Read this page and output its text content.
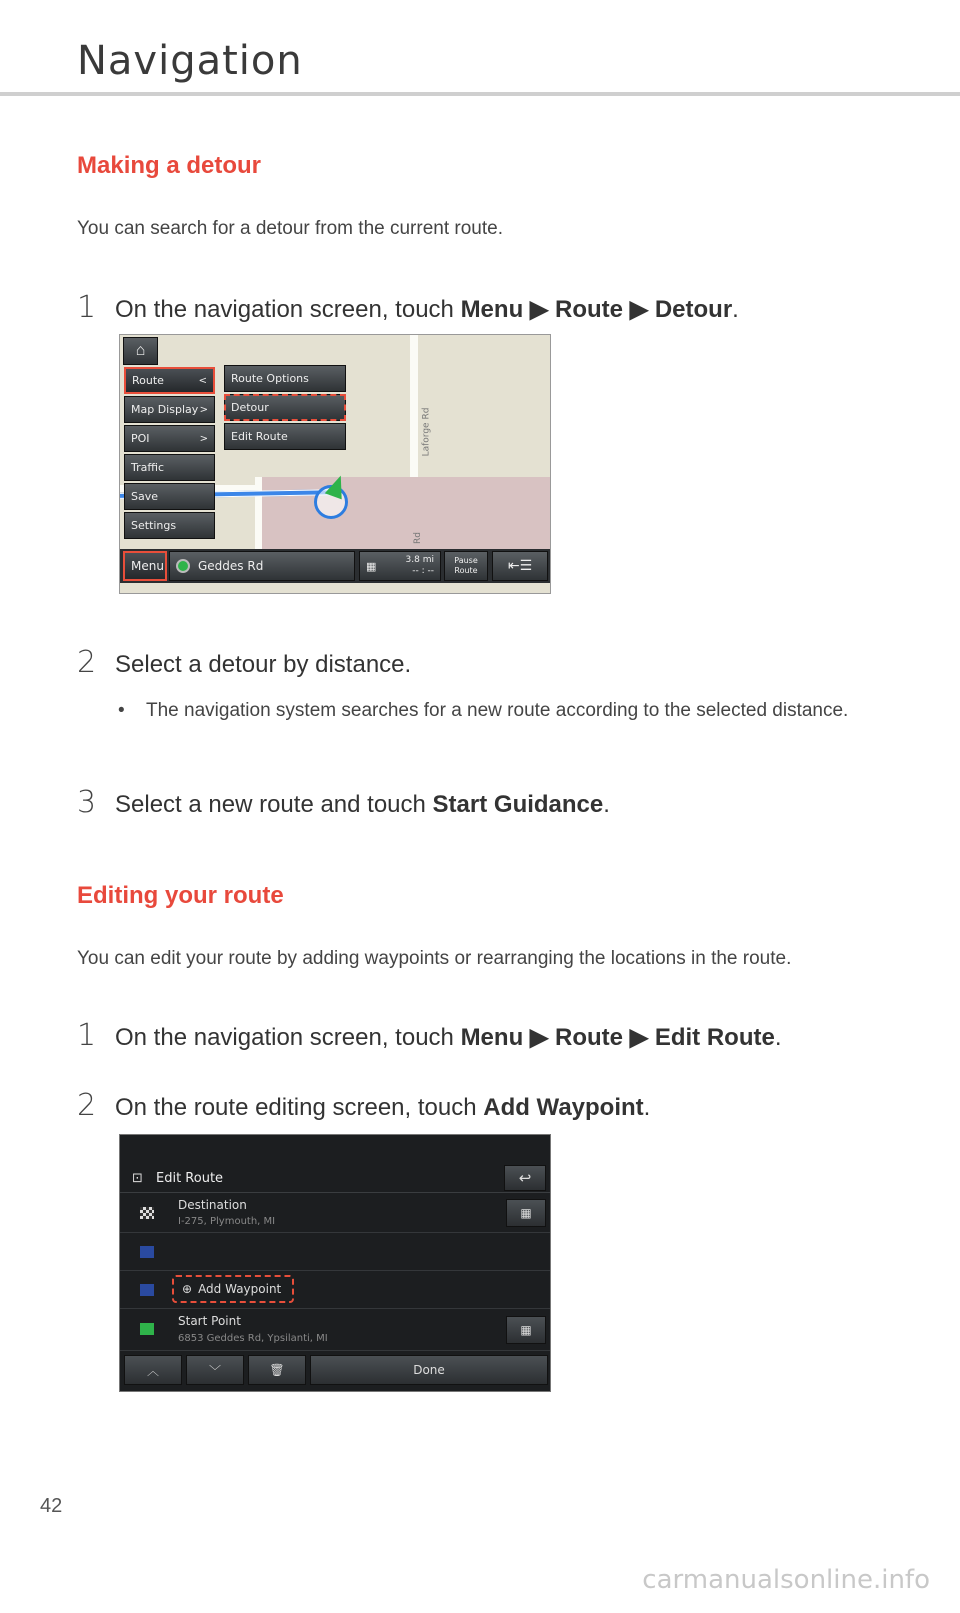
Navigation
Making a detour
You can search for a detour from the current route.
1 On the navigation screen, touch Menu ▶ Route ▶ Detour.
Laforge Rd
Rd
⌂
Route	<
Map Display >
POI	>
Traffic
Save
Settings
Route Options
Detour
Edit Route
Menu	Geddes Rd	▦	3.8 mi
-- : --
Pause
Route	⇤☰
2 Select a detour by distance.
•	The navigation system searches for a new route according to the selected distance.
3 Select a new route and touch Start Guidance.
Editing your route
You can edit your route by adding waypoints or rearranging the locations in the route.
1 On the navigation screen, touch Menu ▶ Route ▶ Edit Route.
2 On the route editing screen, touch Add Waypoint.
⊡ Edit Route	↩
Destination
I-275, Plymouth, MI
▦
⊕ Add Waypoint
Start Point
6853 Geddes Rd, Ypsilanti, MI
▦
︿	﹀	🗑	Done
42
carmanualsonline.info
